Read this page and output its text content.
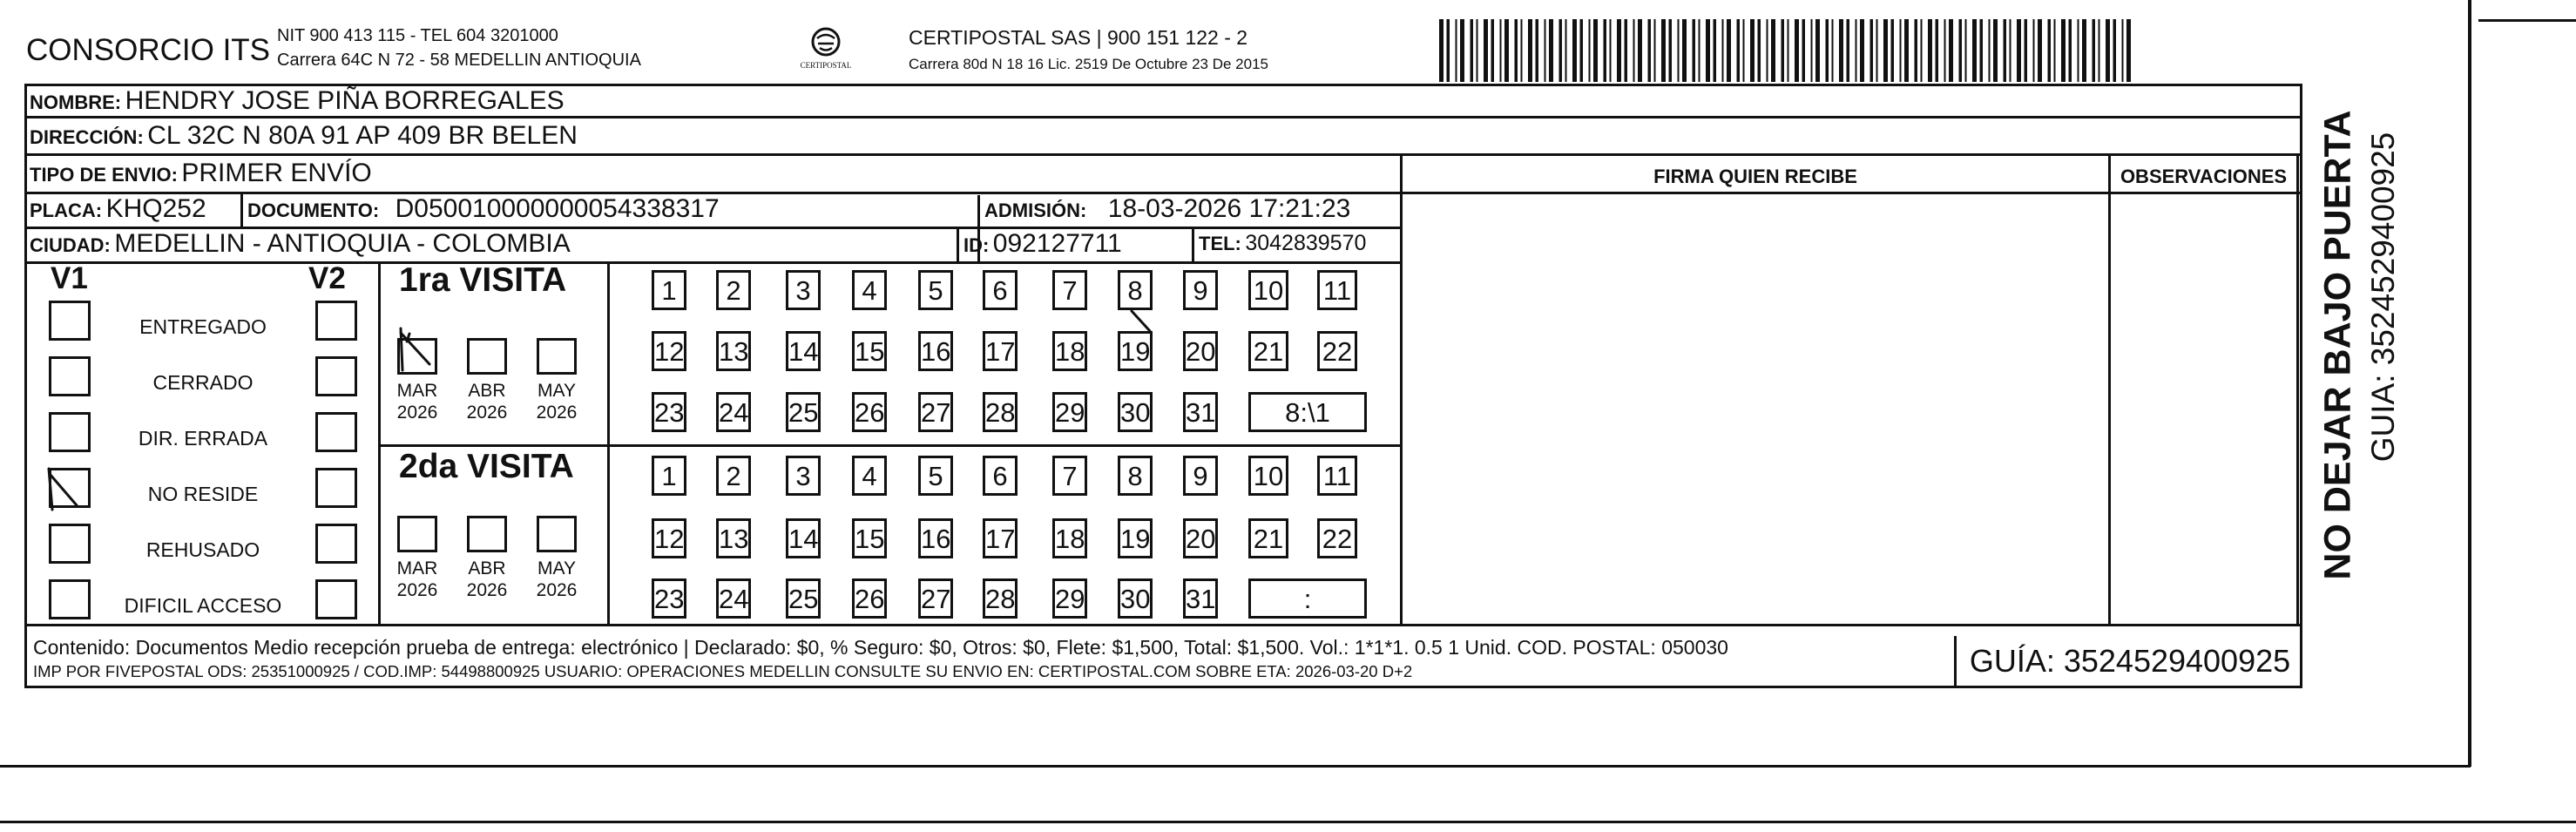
CONSORCIO ITS NIT 900 413 115 - TEL 604 3201000
Carrera 64C N 72 - 58 MEDELLIN ANTIOQUIA	CERTIPOSTAL
CERTIPOSTAL SAS | 900 151 122 - 2
Carrera 80d N 18 16 Lic. 2519 De Octubre 23 De 2015
NOMBRE: HENDRY JOSE PIÑA BORREGALES
DIRECCIÓN: CL 32C N 80A 91 AP 409 BR BELEN
TIPO DE ENVIO: PRIMER ENVÍO
PLACA: KHQ252 DOCUMENTO: D050010000000054338317	ADMISIÓN: 18-03-2026 17:21:23
CIUDAD: MEDELLIN - ANTIOQUIA - COLOMBIA	ID: 092127711	TEL: 3042839570
FIRMA QUIEN RECIBE	OBSERVACIONES
V1	V2
ENTREGADO
CERRADO
DIR. ERRADA
NO RESIDE
REHUSADO
DIFICIL ACCESO
1ra VISITA
2da VISITA
MAR
2026
ABR
2026
MAY
2026
MAR
2026
ABR
2026
MAY
2026
1	2	3	4	5	6	7	8	9	10 11
12 13 14 15 16 17 18 19 20 21 22
23 24 25 26 27 28 29 30 31	8:\1
1	2	3	4	5	6	7	8	9	10 11
12 13 14 15 16 17 18 19 20 21 22
23 24 25 26 27 28 29 30 31	:
Contenido: Documentos Medio recepción prueba de entrega: electrónico | Declarado: $0, % Seguro: $0, Otros: $0, Flete: $1,500, Total: $1,500. Vol.: 1*1*1. 0.5 1 Unid. COD. POSTAL: 050030
IMP POR FIVEPOSTAL ODS: 25351000925 / COD.IMP: 54498800925 USUARIO: OPERACIONES MEDELLIN CONSULTE SU ENVIO EN: CERTIPOSTAL.COM SOBRE ETA: 2026-03-20 D+2	GUÍA: 3524529400925
NO DEJAR BAJO PUERTA GUIA: 3524529400925
